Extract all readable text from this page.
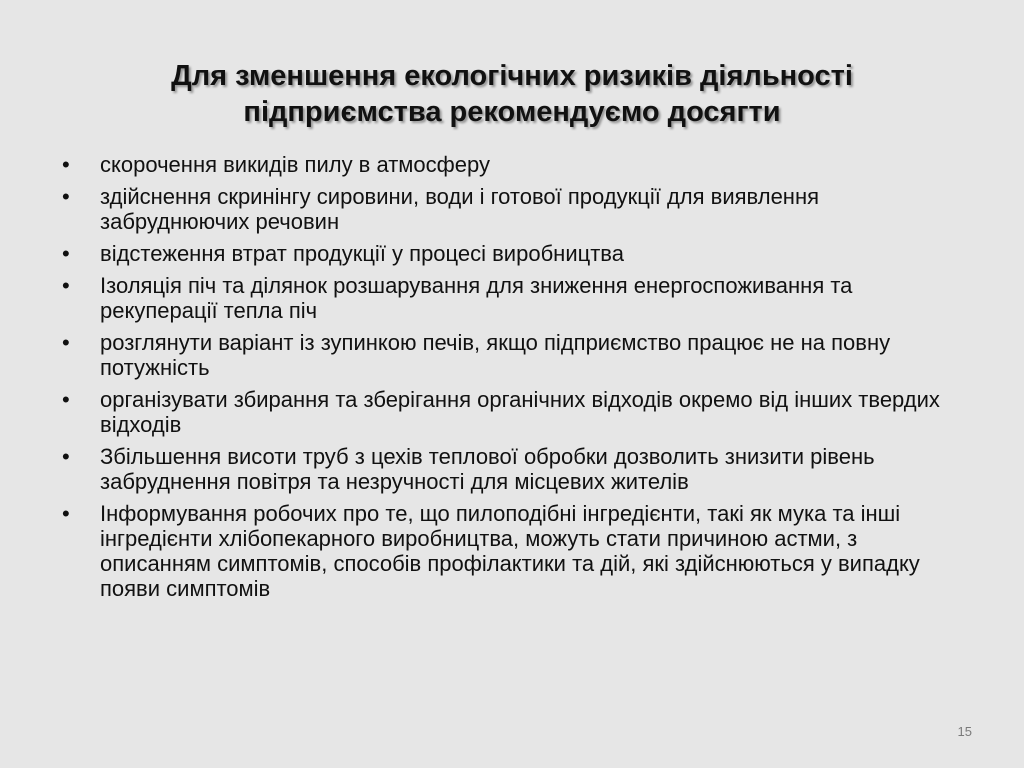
Для зменшення екологічних ризиків діяльності
підприємства рекомендуємо досягти
•	скорочення викидів пилу в атмосферу
•	здійснення скринінгу сировини, води і готової продукції для виявлення забруднюючих речовин
•	відстеження втрат продукції у процесі виробництва
•	Ізоляція піч та ділянок розшарування для зниження енергоспоживання та рекуперації тепла піч
•	розглянути варіант із зупинкою печів, якщо підприємство працює не на повну потужність
•	організувати збирання та зберігання органічних відходів окремо від інших твердих відходів
•	Збільшення висоти труб з цехів теплової обробки дозволить знизити рівень забруднення повітря та незручності для місцевих жителів
•	Інформування робочих про те, що пилоподібні інгредієнти, такі як мука та інші інгредієнти хлібопекарного виробництва, можуть стати причиною астми, з описанням симптомів, способів профілактики та дій, які здійснюються у випадку появи симптомів
15
